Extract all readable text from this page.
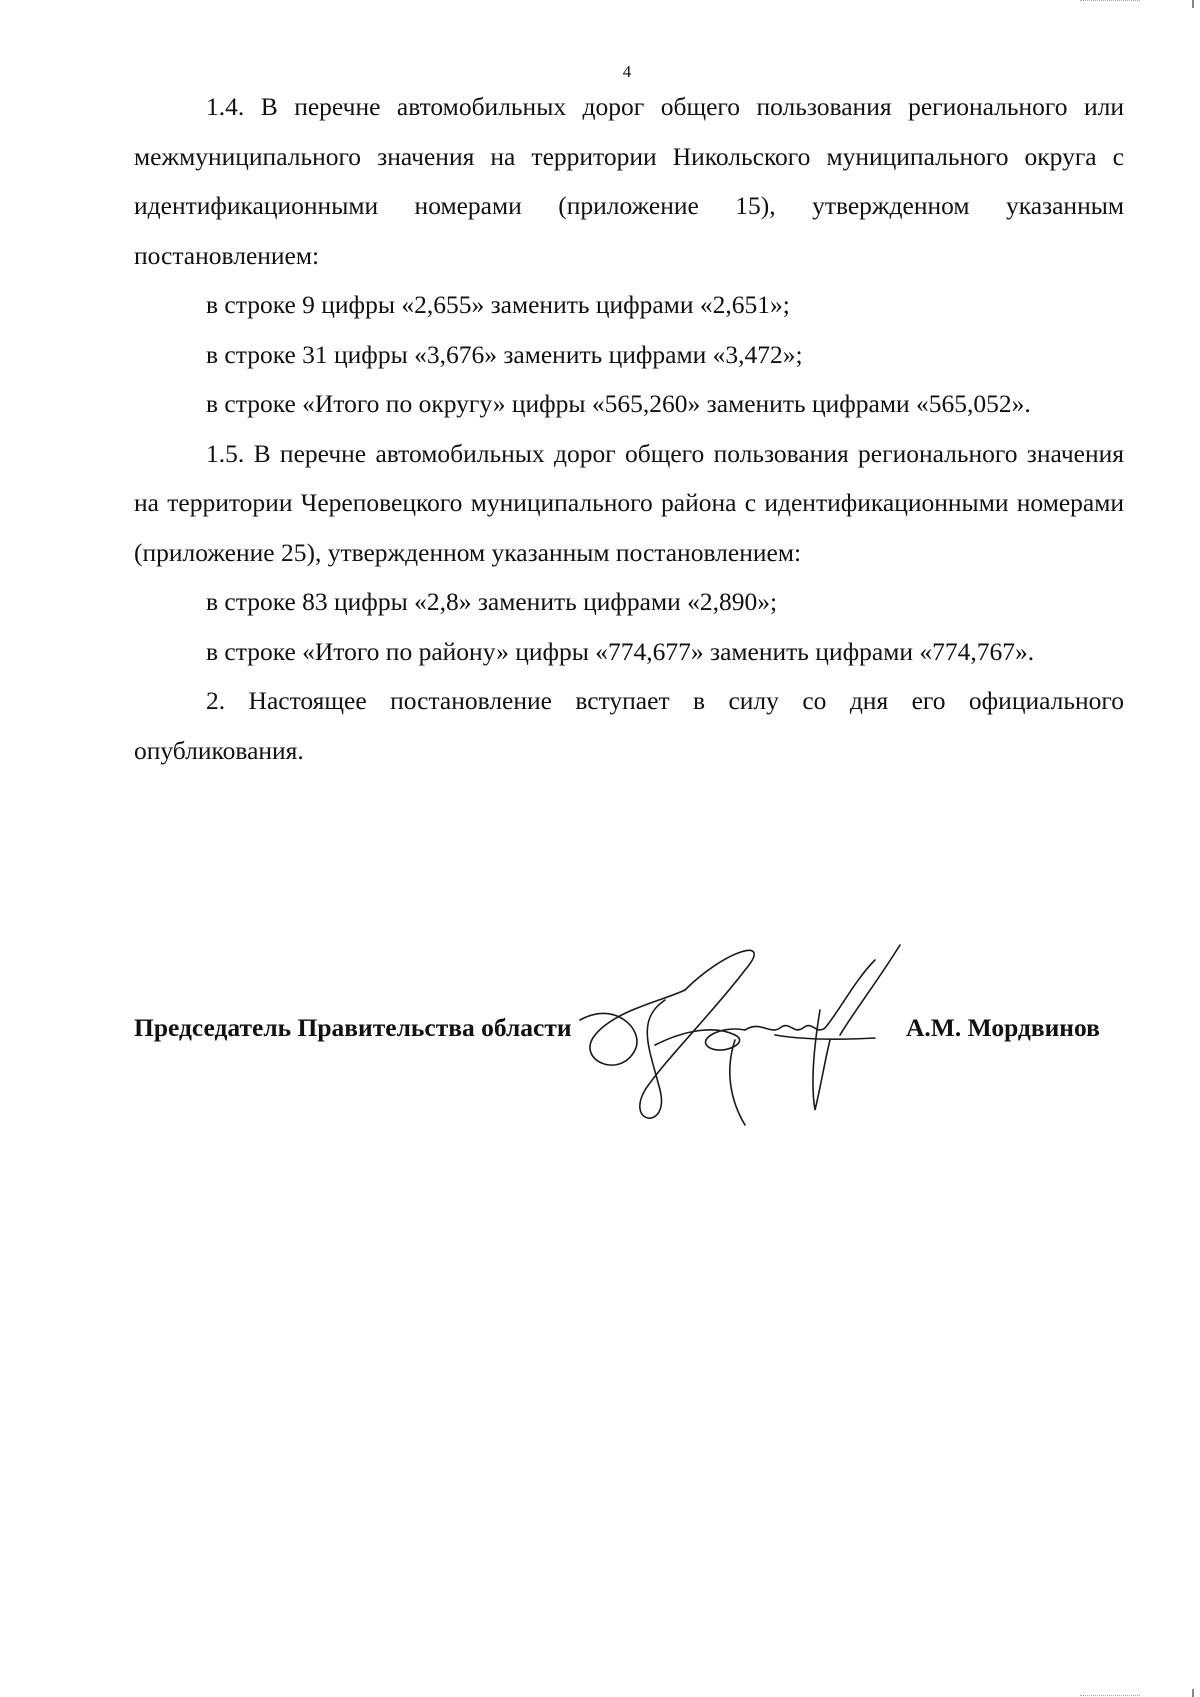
4

1.4. В перечне автомобильных дорог общего пользования регионального или межмуниципального значения на территории Никольского муниципального округа с идентификационными номерами (приложение 15), утвержденном указанным постановлением:

в строке 9 цифры «2,655» заменить цифрами «2,651»;

в строке 31 цифры «3,676» заменить цифрами «3,472»;

в строке «Итого по округу» цифры «565,260» заменить цифрами «565,052».

1.5. В перечне автомобильных дорог общего пользования регионального значения на территории Череповецкого муниципального района с идентификационными номерами (приложение 25), утвержденном указанным постановлением:

в строке 83 цифры «2,8» заменить цифрами «2,890»;

в строке «Итого по району» цифры «774,677» заменить цифрами «774,767».

2. Настоящее постановление вступает в силу со дня его официального опубликования.

Председатель Правительства области	А.М. Мордвинов
